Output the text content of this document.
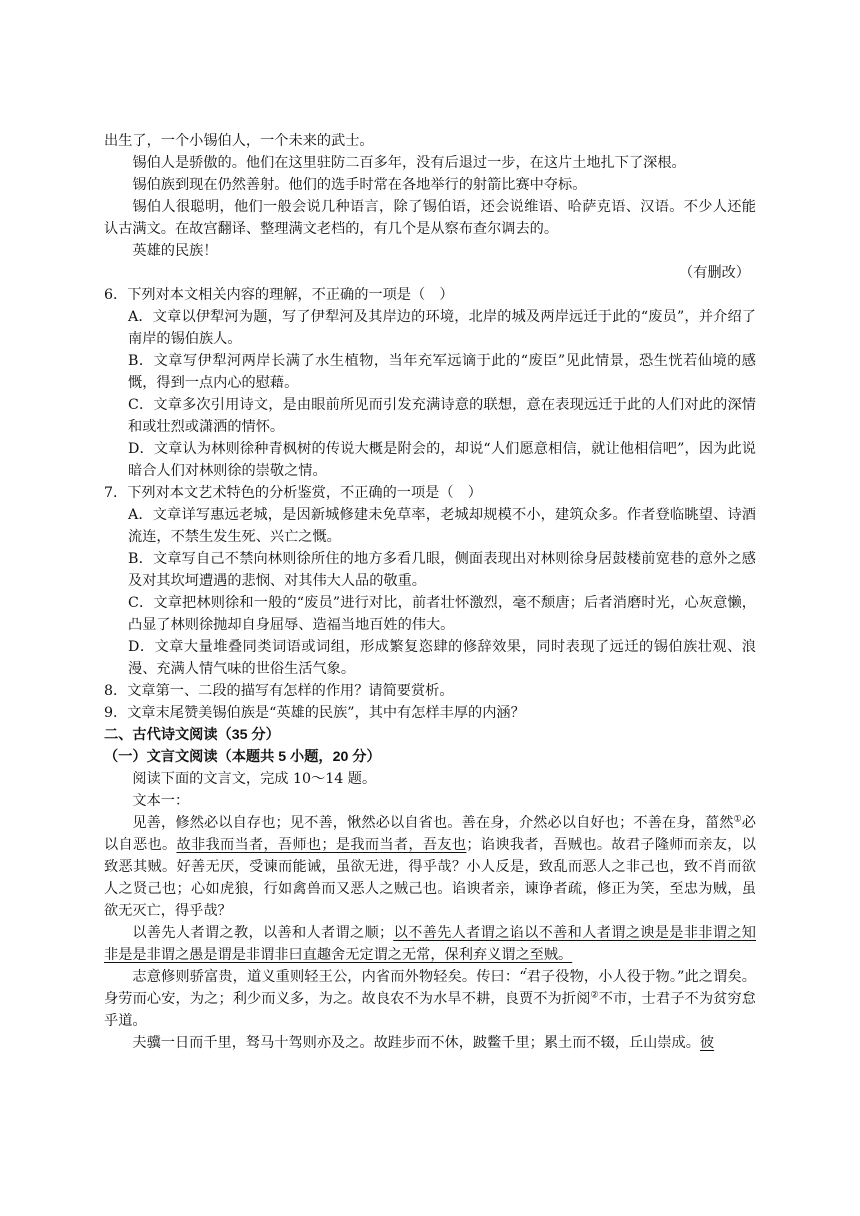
出生了，一个小锡伯人，一个未来的武士。

锡伯人是骄傲的。他们在这里驻防二百多年，没有后退过一步，在这片土地扎下了深根。

锡伯族到现在仍然善射。他们的选手时常在各地举行的射箭比赛中夺标。

锡伯人很聪明，他们一般会说几种语言，除了锡伯语，还会说维语、哈萨克语、汉语。不少人还能认古满文。在故宫翻译、整理满文老档的，有几个是从察布查尔调去的。

英雄的民族！

（有删改）

6．下列对本文相关内容的理解，不正确的一项是（　）

A．文章以伊犁河为题，写了伊犁河及其岸边的环境，北岸的城及两岸远迁于此的“废员”，并介绍了南岸的锡伯族人。

B．文章写伊犁河两岸长满了水生植物，当年充军远谪于此的“废臣”见此情景，恐生恍若仙境的感慨，得到一点内心的慰藉。

C．文章多次引用诗文，是由眼前所见而引发充满诗意的联想，意在表现远迁于此的人们对此的深情和或壮烈或潇洒的情怀。

D．文章认为林则徐种青枫树的传说大概是附会的，却说“人们愿意相信，就让他相信吧”，因为此说暗合人们对林则徐的崇敬之情。

7．下列对本文艺术特色的分析鉴赏，不正确的一项是（　）

A．文章详写惠远老城，是因新城修建未免草率，老城却规模不小，建筑众多。作者登临眺望、诗酒流连，不禁生发生死、兴亡之慨。

B．文章写自己不禁向林则徐所住的地方多看几眼，侧面表现出对林则徐身居鼓楼前宽巷的意外之感及对其坎坷遭遇的悲悯、对其伟大人品的敬重。

C．文章把林则徐和一般的“废员”进行对比，前者壮怀激烈，毫不颓唐；后者消磨时光，心灰意懒，凸显了林则徐抛却自身屈辱、造福当地百姓的伟大。

D．文章大量堆叠同类词语或词组，形成繁复恣肆的修辞效果，同时表现了远迁的锡伯族壮观、浪漫、充满人情气味的世俗生活气象。

8．文章第一、二段的描写有怎样的作用？请简要赏析。

9．文章末尾赞美锡伯族是“英雄的民族”，其中有怎样丰厚的内涵？

二、古代诗文阅读（35 分）

（一）文言文阅读（本题共 5 小题，20 分）

阅读下面的文言文，完成 10～14 题。

文本一：

见善，修然必以自存也；见不善，愀然必以自省也。善在身，介然必以自好也；不善在身，菑然①必以自恶也。故非我而当者，吾师也；是我而当者，吾友也；谄谀我者，吾贼也。故君子隆师而亲友，以致恶其贼。好善无厌，受谏而能诫，虽欲无进，得乎哉？小人反是，致乱而恶人之非己也，致不肖而欲人之贤己也；心如虎狼，行如禽兽而又恶人之贼己也。谄谀者亲，谏诤者疏，修正为笑，至忠为贼，虽欲无灭亡，得乎哉？

以善先人者谓之教，以善和人者谓之顺；以不善先人者谓之谄以不善和人者谓之谀是是非非谓之知非是是非谓之愚是谓是非谓非曰直趣舍无定谓之无常，保利弃义谓之至贼。

志意修则骄富贵，道义重则轻王公，内省而外物轻矣。传曰 ·：“君子役物，小人役于物。”此之谓矣。身劳而心安，为之；利少而义多，为之。故良农不为水旱不耕，良贾不为折阅②不市，士君子不为贫穷怠乎道。

夫骥一日而千里，驽马十驾则亦及之。故跬步而不休，跛鳖千里；累土而不辍，丘山崇成。彼
